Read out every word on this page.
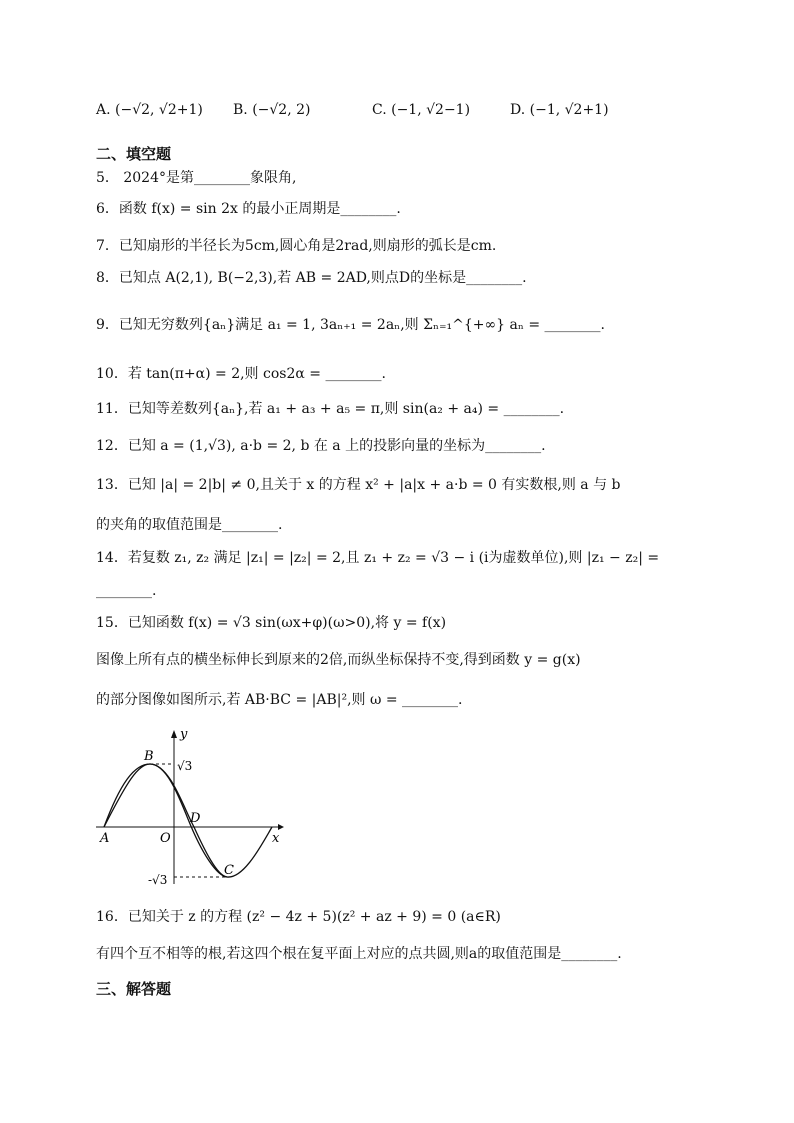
A. (−√2, √2+1) B. (−√2, 2)	C. (−1, √2−1)	D. (−1, √2+1)
二、填空题
5． 2024°是第________象限角,
6．函数 f(x) = sin 2x 的最小正周期是________.
7．已知扇形的半径长为5cm,圆心角是2rad,则扇形的弧长是cm.
8．已知点 A(2,1), B(−2,3),若 AB = 2AD,则点D的坐标是________.
9．已知无穷数列{aₙ}满足 a₁ = 1, 3aₙ₊₁ = 2aₙ,则 Σₙ₌₁^{+∞} aₙ = ________.
10．若 tan(π+α) = 2,则 cos2α = ________.
11．已知等差数列{aₙ},若 a₁ + a₃ + a₅ = π,则 sin(a₂ + a₄) = ________.
12．已知 a = (1,√3), a·b = 2, b 在 a 上的投影向量的坐标为________.
13．已知 |a| = 2|b| ≠ 0,且关于 x 的方程 x² + |a|x + a·b = 0 有实数根,则 a 与 b
的夹角的取值范围是________.
14．若复数 z₁, z₂ 满足 |z₁| = |z₂| = 2,且 z₁ + z₂ = √3 − i (i为虚数单位),则 |z₁ − z₂| =
________.
15．已知函数 f(x) = √3 sin(ωx+φ)(ω>0),将 y = f(x)
图像上所有点的横坐标伸长到原来的2倍,而纵坐标保持不变,得到函数 y = g(x)
的部分图像如图所示,若 AB·BC = |AB|²,则 ω = ________.
y
x
B
A	O
D
C
√3
-√3
16．已知关于 z 的方程 (z² − 4z + 5)(z² + az + 9) = 0 (a∈R)
有四个互不相等的根,若这四个根在复平面上对应的点共圆,则a的取值范围是________.
三、解答题
